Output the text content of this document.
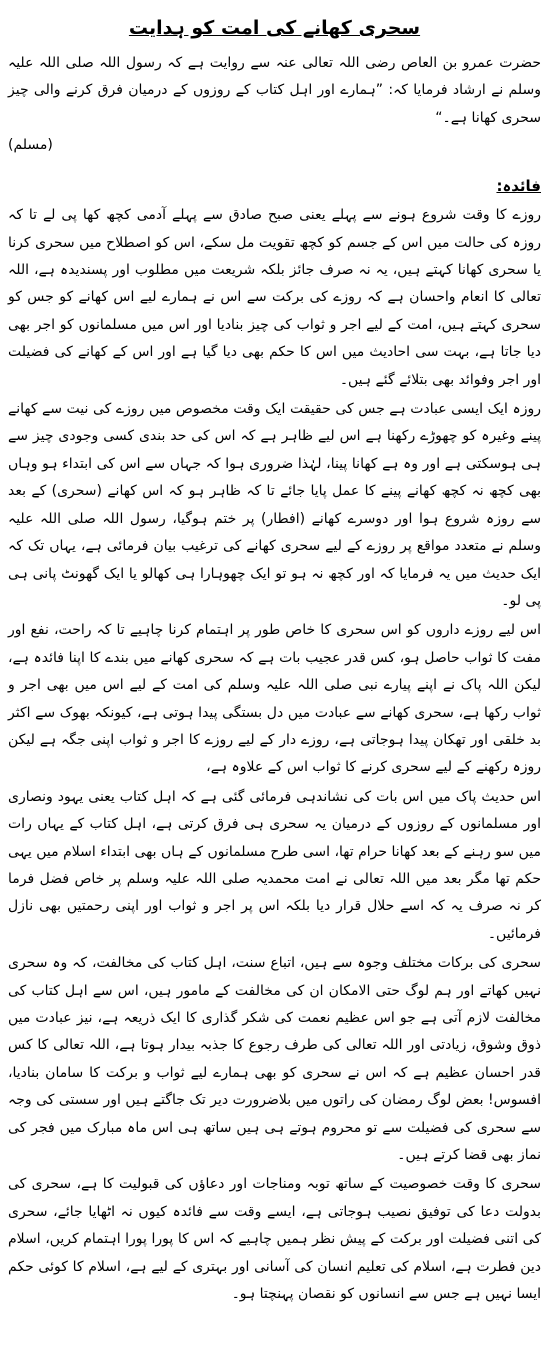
سحری کھانے کی امت کو ہدایت

حضرت عمرو بن العاص رضی اللہ تعالی عنہ سے روایت ہے کہ رسول اللہ صلی اللہ علیہ وسلم نے ارشاد فرمایا کہ: ”ہمارے اور اہل کتاب کے روزوں کے درمیان فرق کرنے والی چیز سحری کھانا ہے۔“

(مسلم)

فائدہ:

روزے کا وقت شروع ہونے سے پہلے یعنی صبح صادق سے پہلے آدمی کچھ کھا پی لے تا کہ روزہ کی حالت میں اس کے جسم کو کچھ تقویت مل سکے، اس کو اصطلاح میں سحری کرنا یا سحری کھانا کہتے ہیں، یہ نہ صرف جائز بلکہ شریعت میں مطلوب اور پسندیدہ ہے، اللہ تعالی کا انعام واحسان ہے کہ روزے کی برکت سے اس نے ہمارے لیے اس کھانے کو جس کو سحری کہتے ہیں، امت کے لیے اجر و ثواب کی چیز بنادیا اور اس میں مسلمانوں کو اجر بھی دیا جاتا ہے، بہت سی احادیث میں اس کا حکم بھی دیا گیا ہے اور اس کے کھانے کی فضیلت اور اجر وفوائد بھی بتلائے گئے ہیں۔

روزہ ایک ایسی عبادت ہے جس کی حقیقت ایک وقت مخصوص میں روزے کی نیت سے کھانے پینے وغیرہ کو چھوڑے رکھنا ہے اس لیے ظاہر ہے کہ اس کی حد بندی کسی وجودی چیز سے ہی ہوسکتی ہے اور وہ ہے کھانا پینا، لہٰذا ضروری ہوا کہ جہاں سے اس کی ابتداء ہو وہاں بھی کچھ نہ کچھ کھانے پینے کا عمل پایا جائے تا کہ ظاہر ہو کہ اس کھانے (سحری) کے بعد سے روزہ شروع ہوا اور دوسرے کھانے (افطار) پر ختم ہوگیا، رسول اللہ صلی اللہ علیہ وسلم نے متعدد مواقع پر روزے کے لیے سحری کھانے کی ترغیب بیان فرمائی ہے، یہاں تک کہ ایک حدیث میں یہ فرمایا کہ اور کچھ نہ ہو تو ایک چھوہارا ہی کھالو یا ایک گھونٹ پانی ہی پی لو۔

اس لیے روزے داروں کو اس سحری کا خاص طور پر اہتمام کرنا چاہیے تا کہ راحت، نفع اور مفت کا ثواب حاصل ہو، کس قدر عجیب بات ہے کہ سحری کھانے میں بندے کا اپنا فائدہ ہے، لیکن اللہ پاک نے اپنے پیارے نبی صلی اللہ علیہ وسلم کی امت کے لیے اس میں بھی اجر و ثواب رکھا ہے، سحری کھانے سے عبادت میں دل بستگی پیدا ہوتی ہے، کیونکہ بھوک سے اکثر بد خلقی اور تھکان پیدا ہوجاتی ہے، روزے دار کے لیے روزے کا اجر و ثواب اپنی جگہ ہے لیکن روزہ رکھنے کے لیے سحری کرنے کا ثواب اس کے علاوہ ہے،

اس حدیث پاک میں اس بات کی نشاندہی فرمائی گئی ہے کہ اہل کتاب یعنی یہود ونصاری اور مسلمانوں کے روزوں کے درمیان یہ سحری ہی فرق کرتی ہے، اہل کتاب کے یہاں رات میں سو رہنے کے بعد کھانا حرام تھا، اسی طرح مسلمانوں کے ہاں بھی ابتداء اسلام میں یہی حکم تھا مگر بعد میں اللہ تعالی نے امت محمدیہ صلی اللہ علیہ وسلم پر خاص فضل فرما کر نہ صرف یہ کہ اسے حلال قرار دیا بلکہ اس پر اجر و ثواب اور اپنی رحمتیں بھی نازل فرمائیں۔

سحری کی برکات مختلف وجوہ سے ہیں، اتباع سنت، اہل کتاب کی مخالفت، کہ وہ سحری نہیں کھاتے اور ہم لوگ حتی الامکان ان کی مخالفت کے مامور ہیں، اس سے اہل کتاب کی مخالفت لازم آتی ہے جو اس عظیم نعمت کی شکر گذاری کا ایک ذریعہ ہے، نیز عبادت میں ذوق وشوق، زیادتی اور اللہ تعالی کی طرف رجوع کا جذبہ بیدار ہوتا ہے، اللہ تعالی کا کس قدر احسان عظیم ہے کہ اس نے سحری کو بھی ہمارے لیے ثواب و برکت کا سامان بنادیا، افسوس! بعض لوگ رمضان کی راتوں میں بلاضرورت دیر تک جاگتے ہیں اور سستی کی وجہ سے سحری کی فضیلت سے تو محروم ہوتے ہی ہیں ساتھ ہی اس ماہ مبارک میں فجر کی نماز بھی قضا کرتے ہیں۔

سحری کا وقت خصوصیت کے ساتھ توبہ ومناجات اور دعاؤں کی قبولیت کا ہے، سحری کی بدولت دعا کی توفیق نصیب ہوجاتی ہے، ایسے وقت سے فائدہ کیوں نہ اٹھایا جائے، سحری کی اتنی فضیلت اور برکت کے پیش نظر ہمیں چاہیے کہ اس کا پورا پورا اہتمام کریں، اسلام دین فطرت ہے، اسلام کی تعلیم انسان کی آسانی اور بہتری کے لیے ہے، اسلام کا کوئی حکم ایسا نہیں ہے جس سے انسانوں کو نقصان پہنچتا ہو۔
